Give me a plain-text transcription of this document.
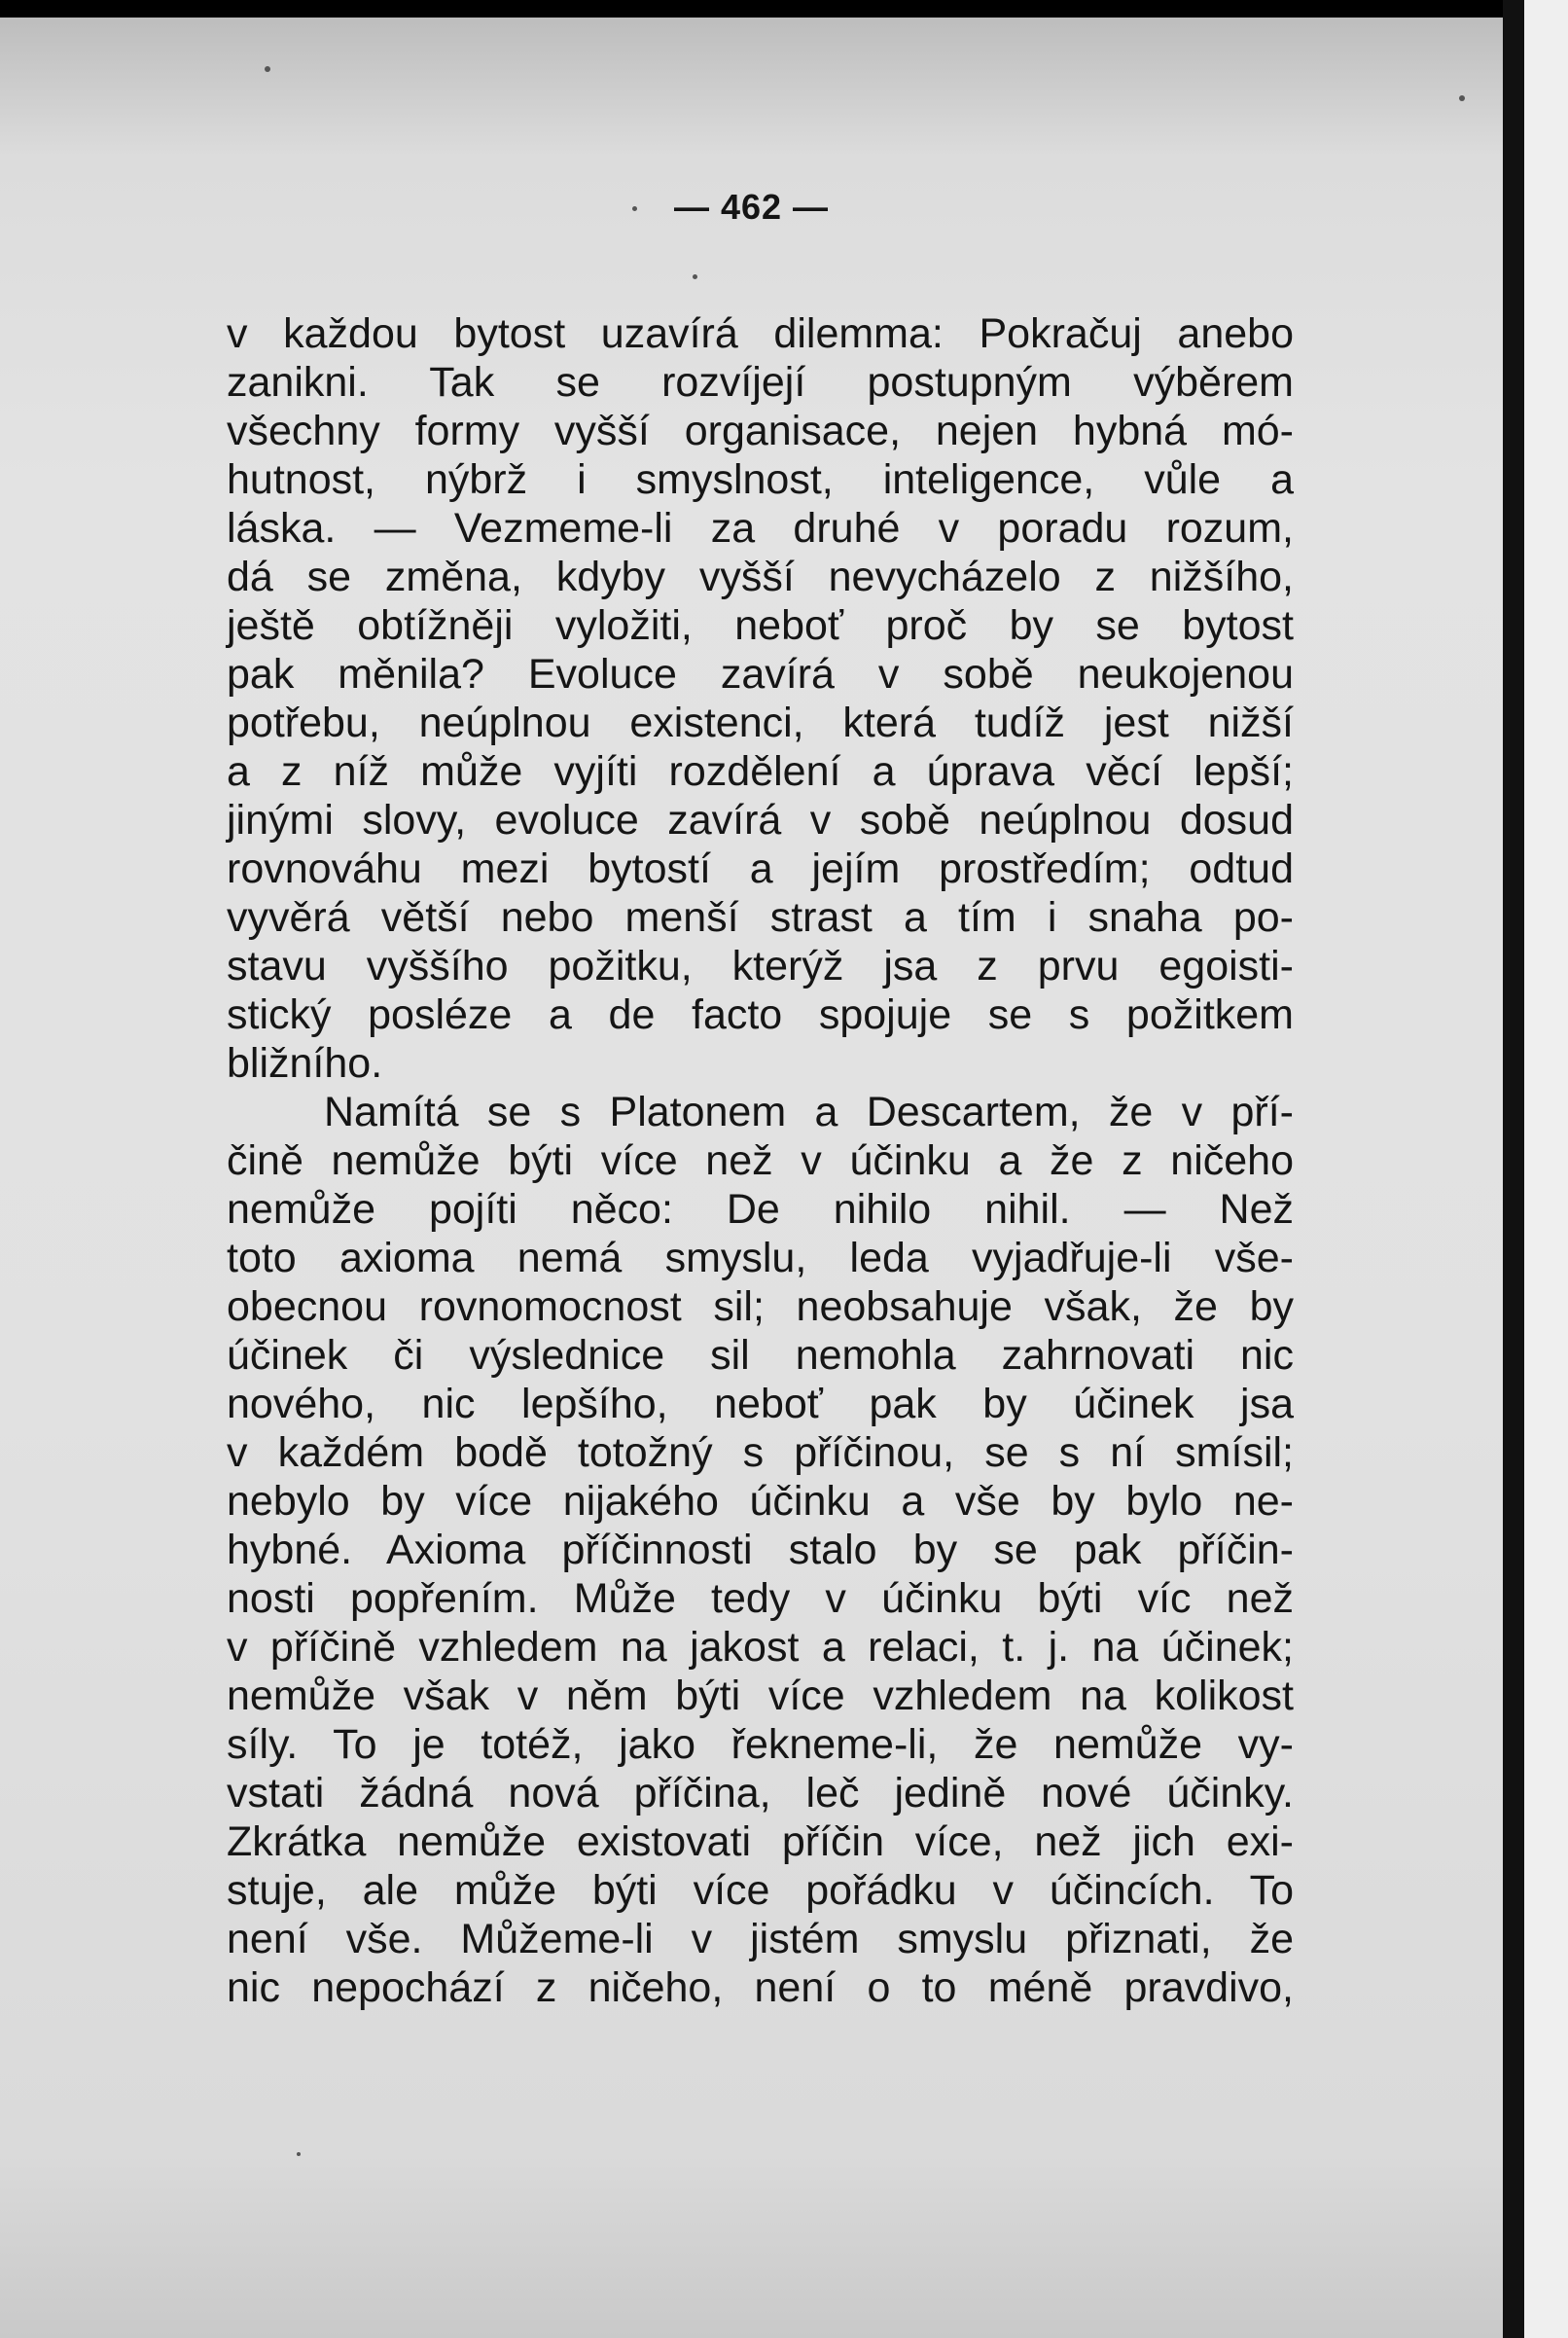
— 462 —
v každou bytost uzavírá dilemma: Pokračuj anebo
zanikni. Tak se rozvíjejí postupným výběrem
všechny formy vyšší organisace, nejen hybná mó-
hutnost, nýbrž i smyslnost, inteligence, vůle a
láska. — Vezmeme-li za druhé v poradu rozum,
dá se změna, kdyby vyšší nevycházelo z nižšího,
ještě obtížněji vyložiti, neboť proč by se bytost
pak měnila? Evoluce zavírá v sobě neukojenou
potřebu, neúplnou existenci, která tudíž jest nižší
a z níž může vyjíti rozdělení a úprava věcí lepší;
jinými slovy, evoluce zavírá v sobě neúplnou dosud
rovnováhu mezi bytostí a jejím prostředím; odtud
vyvěrá větší nebo menší strast a tím i snaha po-
stavu vyššího požitku, kterýž jsa z prvu egoisti-
stický posléze a de facto spojuje se s požitkem
bližního.
Namítá se s Platonem a Descartem, že v pří-
čině nemůže býti více než v účinku a že z ničeho
nemůže pojíti něco: De nihilo nihil. — Než
toto axioma nemá smyslu, leda vyjadřuje-li vše-
obecnou rovnomocnost sil; neobsahuje však, že by
účinek či výslednice sil nemohla zahrnovati nic
nového, nic lepšího, neboť pak by účinek jsa
v každém bodě totožný s příčinou, se s ní smísil;
nebylo by více nijakého účinku a vše by bylo ne-
hybné. Axioma příčinnosti stalo by se pak příčin-
nosti popřením. Může tedy v účinku býti víc než
v příčině vzhledem na jakost a relaci, t. j. na účinek;
nemůže však v něm býti více vzhledem na kolikost
síly. To je totéž, jako řekneme-li, že nemůže vy-
vstati žádná nová příčina, leč jedině nové účinky.
Zkrátka nemůže existovati příčin více, než jich exi-
stuje, ale může býti více pořádku v účincích. To
není vše. Můžeme-li v jistém smyslu přiznati, že
nic nepochází z ničeho, není o to méně pravdivo,
